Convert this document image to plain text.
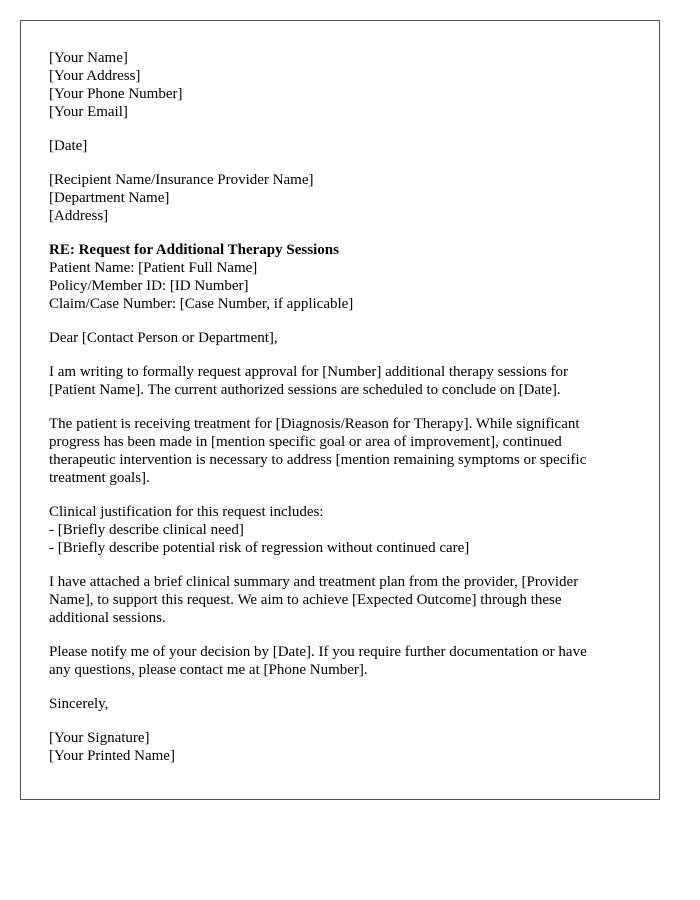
[Your Name]
[Your Address]
[Your Phone Number]
[Your Email]
[Date]
[Recipient Name/Insurance Provider Name]
[Department Name]
[Address]
RE: Request for Additional Therapy Sessions
Patient Name: [Patient Full Name]
Policy/Member ID: [ID Number]
Claim/Case Number: [Case Number, if applicable]
Dear [Contact Person or Department],
I am writing to formally request approval for [Number] additional therapy sessions for
[Patient Name]. The current authorized sessions are scheduled to conclude on [Date].
The patient is receiving treatment for [Diagnosis/Reason for Therapy]. While significant
progress has been made in [mention specific goal or area of improvement], continued
therapeutic intervention is necessary to address [mention remaining symptoms or specific
treatment goals].
Clinical justification for this request includes:
- [Briefly describe clinical need]
- [Briefly describe potential risk of regression without continued care]
I have attached a brief clinical summary and treatment plan from the provider, [Provider
Name], to support this request. We aim to achieve [Expected Outcome] through these
additional sessions.
Please notify me of your decision by [Date]. If you require further documentation or have
any questions, please contact me at [Phone Number].
Sincerely,
[Your Signature]
[Your Printed Name]
